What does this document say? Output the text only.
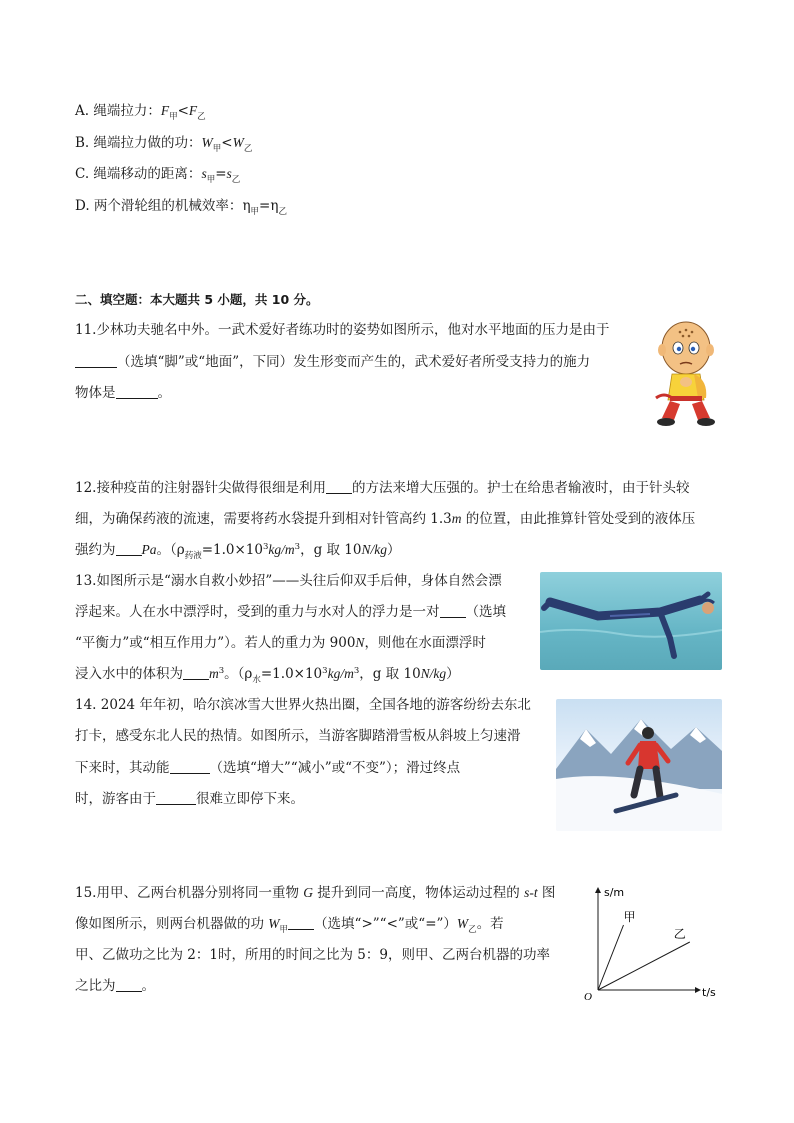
A. 绳端拉力：$F_甲<F_乙$
B. 绳端拉力做的功：$W_甲<W_乙$
C. 绳端移动的距离：$s_甲=s_乙$
D. 两个滑轮组的机械效率：$\eta_甲=\eta_乙$
二、填空题：本大题共 5 小题，共 10 分。
11.少林功夫驰名中外。一武术爱好者练功时的姿势如图所示，他对水平地面的压力是由于
（选填“脚”或“地面”，下同）发生形变而产生的，武术爱好者所受支持力的施力
物体是	。
12.接种疫苗的注射器针尖做得很细是利用 的方法来增大压强的。护士在给患者输液时，由于针头较
细，为确保药液的流速，需要将药水袋提升到相对针管高约 1.3m 的位置，由此推算针管处受到的液体压
强约为 Pa。（$\rho_{药液}=1.0\times 10^3kg/m^3$，g 取 10N/kg）
13.如图所示是“溺水自救小妙招”——头往后仰双手后伸，身体自然会漂
浮起来。人在水中漂浮时，受到的重力与水对人的浮力是一对 （选填
“平衡力”或“相互作用力”）。若人的重力为 900N，则他在水面漂浮时
浸入水中的体积为 $m^3$。（$\rho_水=1.0\times 10^3kg/m^3$，g 取 10N/kg）
14. 2024 年年初，哈尔滨冰雪大世界火热出圈，全国各地的游客纷纷去东北
打卡，感受东北人民的热情。如图所示，当游客脚踏滑雪板从斜坡上匀速滑
下来时，其动能	（选填“增大”“减小”或“不变”）；滑过终点
时，游客由于	很难立即停下来。
15.用甲、乙两台机器分别将同一重物 G 提升到同一高度，物体运动过程的 s-t 图
像如图所示，则两台机器做的功 $W_甲$ （选填“>”“<”或“$=”)W_乙$。若
甲、乙做功之比为 2：1时，所用的时间之比为 5：9，则甲、乙两台机器的功率
之比为 。
s/m
t/s
O
甲
乙
